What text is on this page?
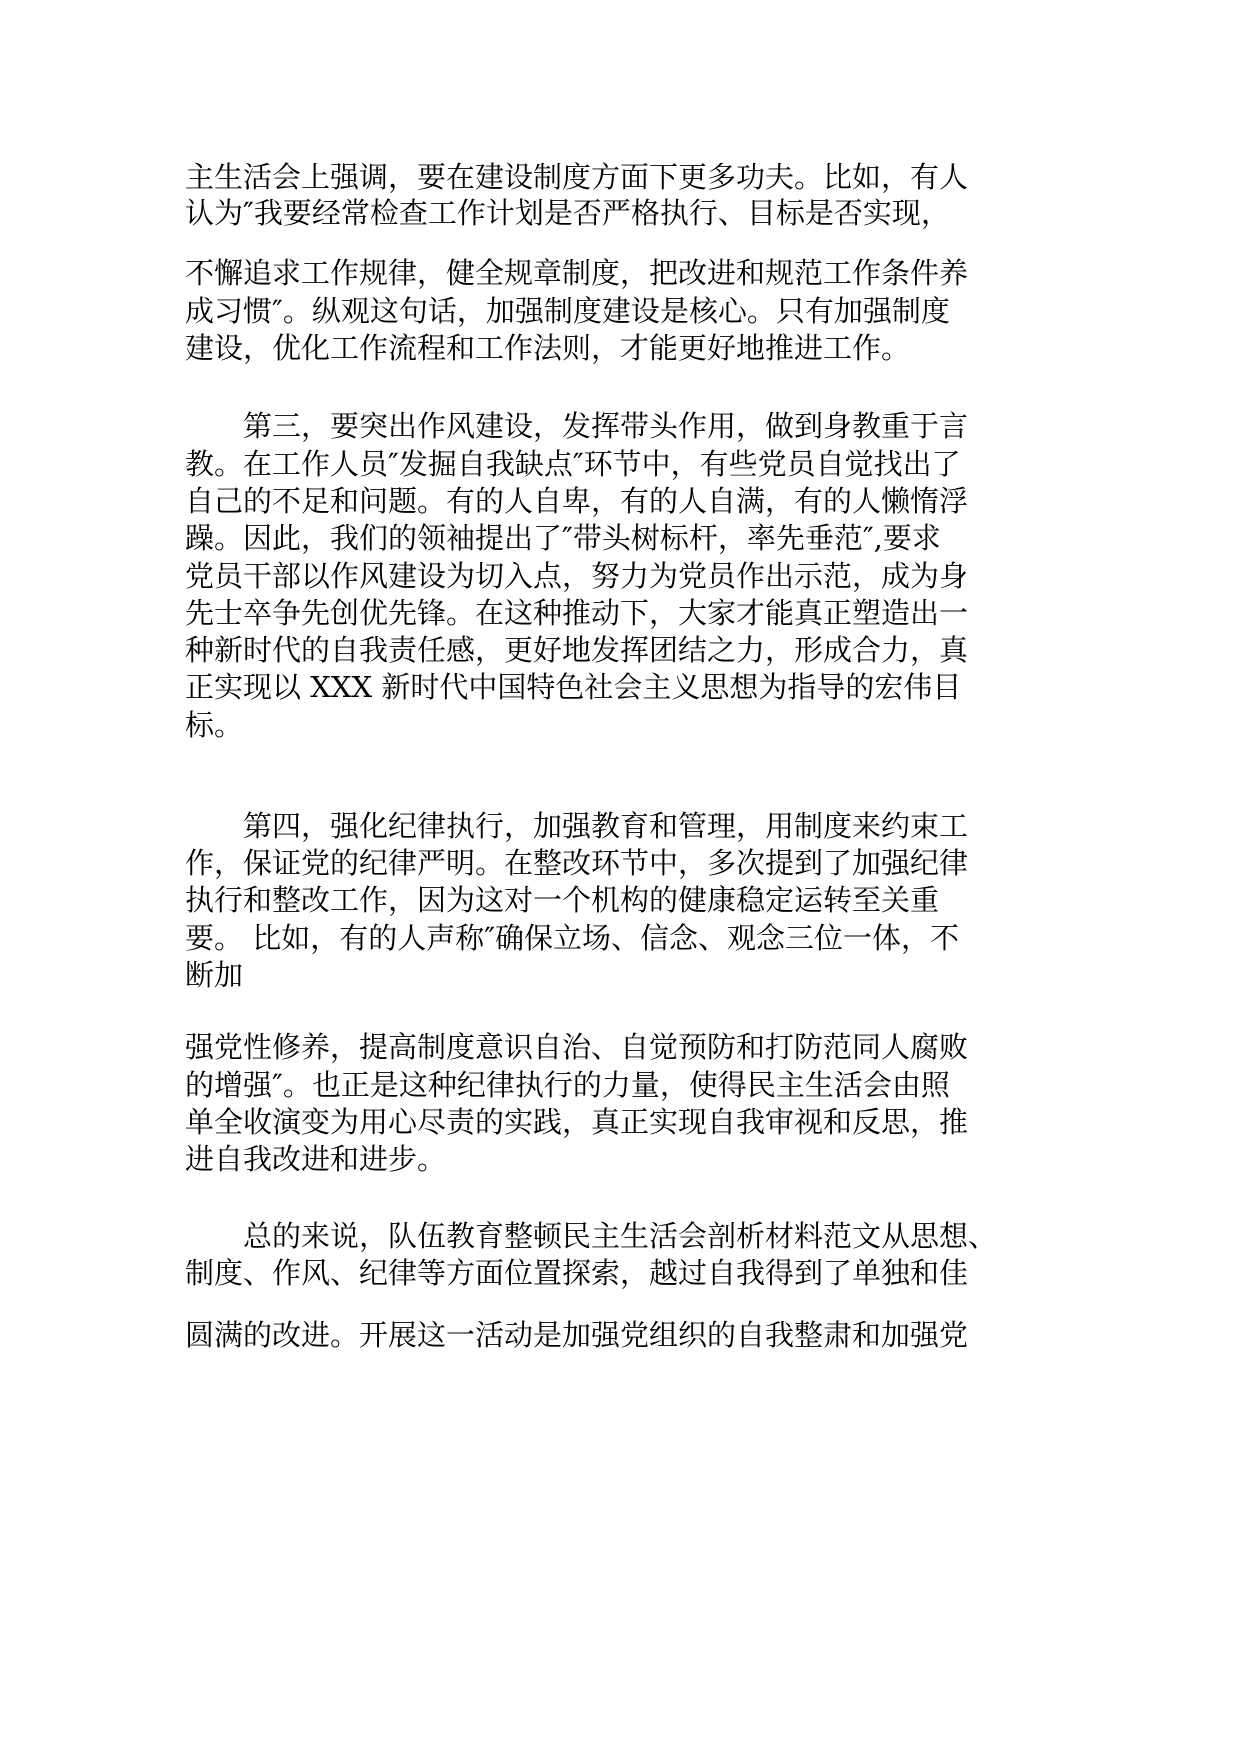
主生活会上强调，要在建设制度方面下更多功夫。比如，有人

认为″我要经常检查工作计划是否严格执行、目标是否实现，

不懈追求工作规律，健全规章制度，把改进和规范工作条件养

成习惯″。纵观这句话，加强制度建设是核心。只有加强制度

建设，优化工作流程和工作法则，才能更好地推进工作。

　　第三，要突出作风建设，发挥带头作用，做到身教重于言

教。在工作人员″发掘自我缺点″环节中，有些党员自觉找出了

自己的不足和问题。有的人自卑，有的人自满，有的人懒惰浮

躁。因此，我们的领袖提出了″带头树标杆，率先垂范″,要求

党员干部以作风建设为切入点，努力为党员作出示范，成为身

先士卒争先创优先锋。在这种推动下，大家才能真正塑造出一

种新时代的自我责任感，更好地发挥团结之力，形成合力，真

正实现以 XXX 新时代中国特色社会主义思想为指导的宏伟目

标。

　　第四，强化纪律执行，加强教育和管理，用制度来约束工

作，保证党的纪律严明。在整改环节中，多次提到了加强纪律

执行和整改工作，因为这对一个机构的健康稳定运转至关重

要。 比如，有的人声称″确保立场、信念、观念三位一体，不

断加

强党性修养，提高制度意识自治、自觉预防和打防范同人腐败

的增强″。也正是这种纪律执行的力量，使得民主生活会由照

单全收演变为用心尽责的实践，真正实现自我审视和反思，推

进自我改进和进步。

　　总的来说，队伍教育整顿民主生活会剖析材料范文从思想、

制度、作风、纪律等方面位置探索，越过自我得到了单独和佳

圆满的改进。开展这一活动是加强党组织的自我整肃和加强党
